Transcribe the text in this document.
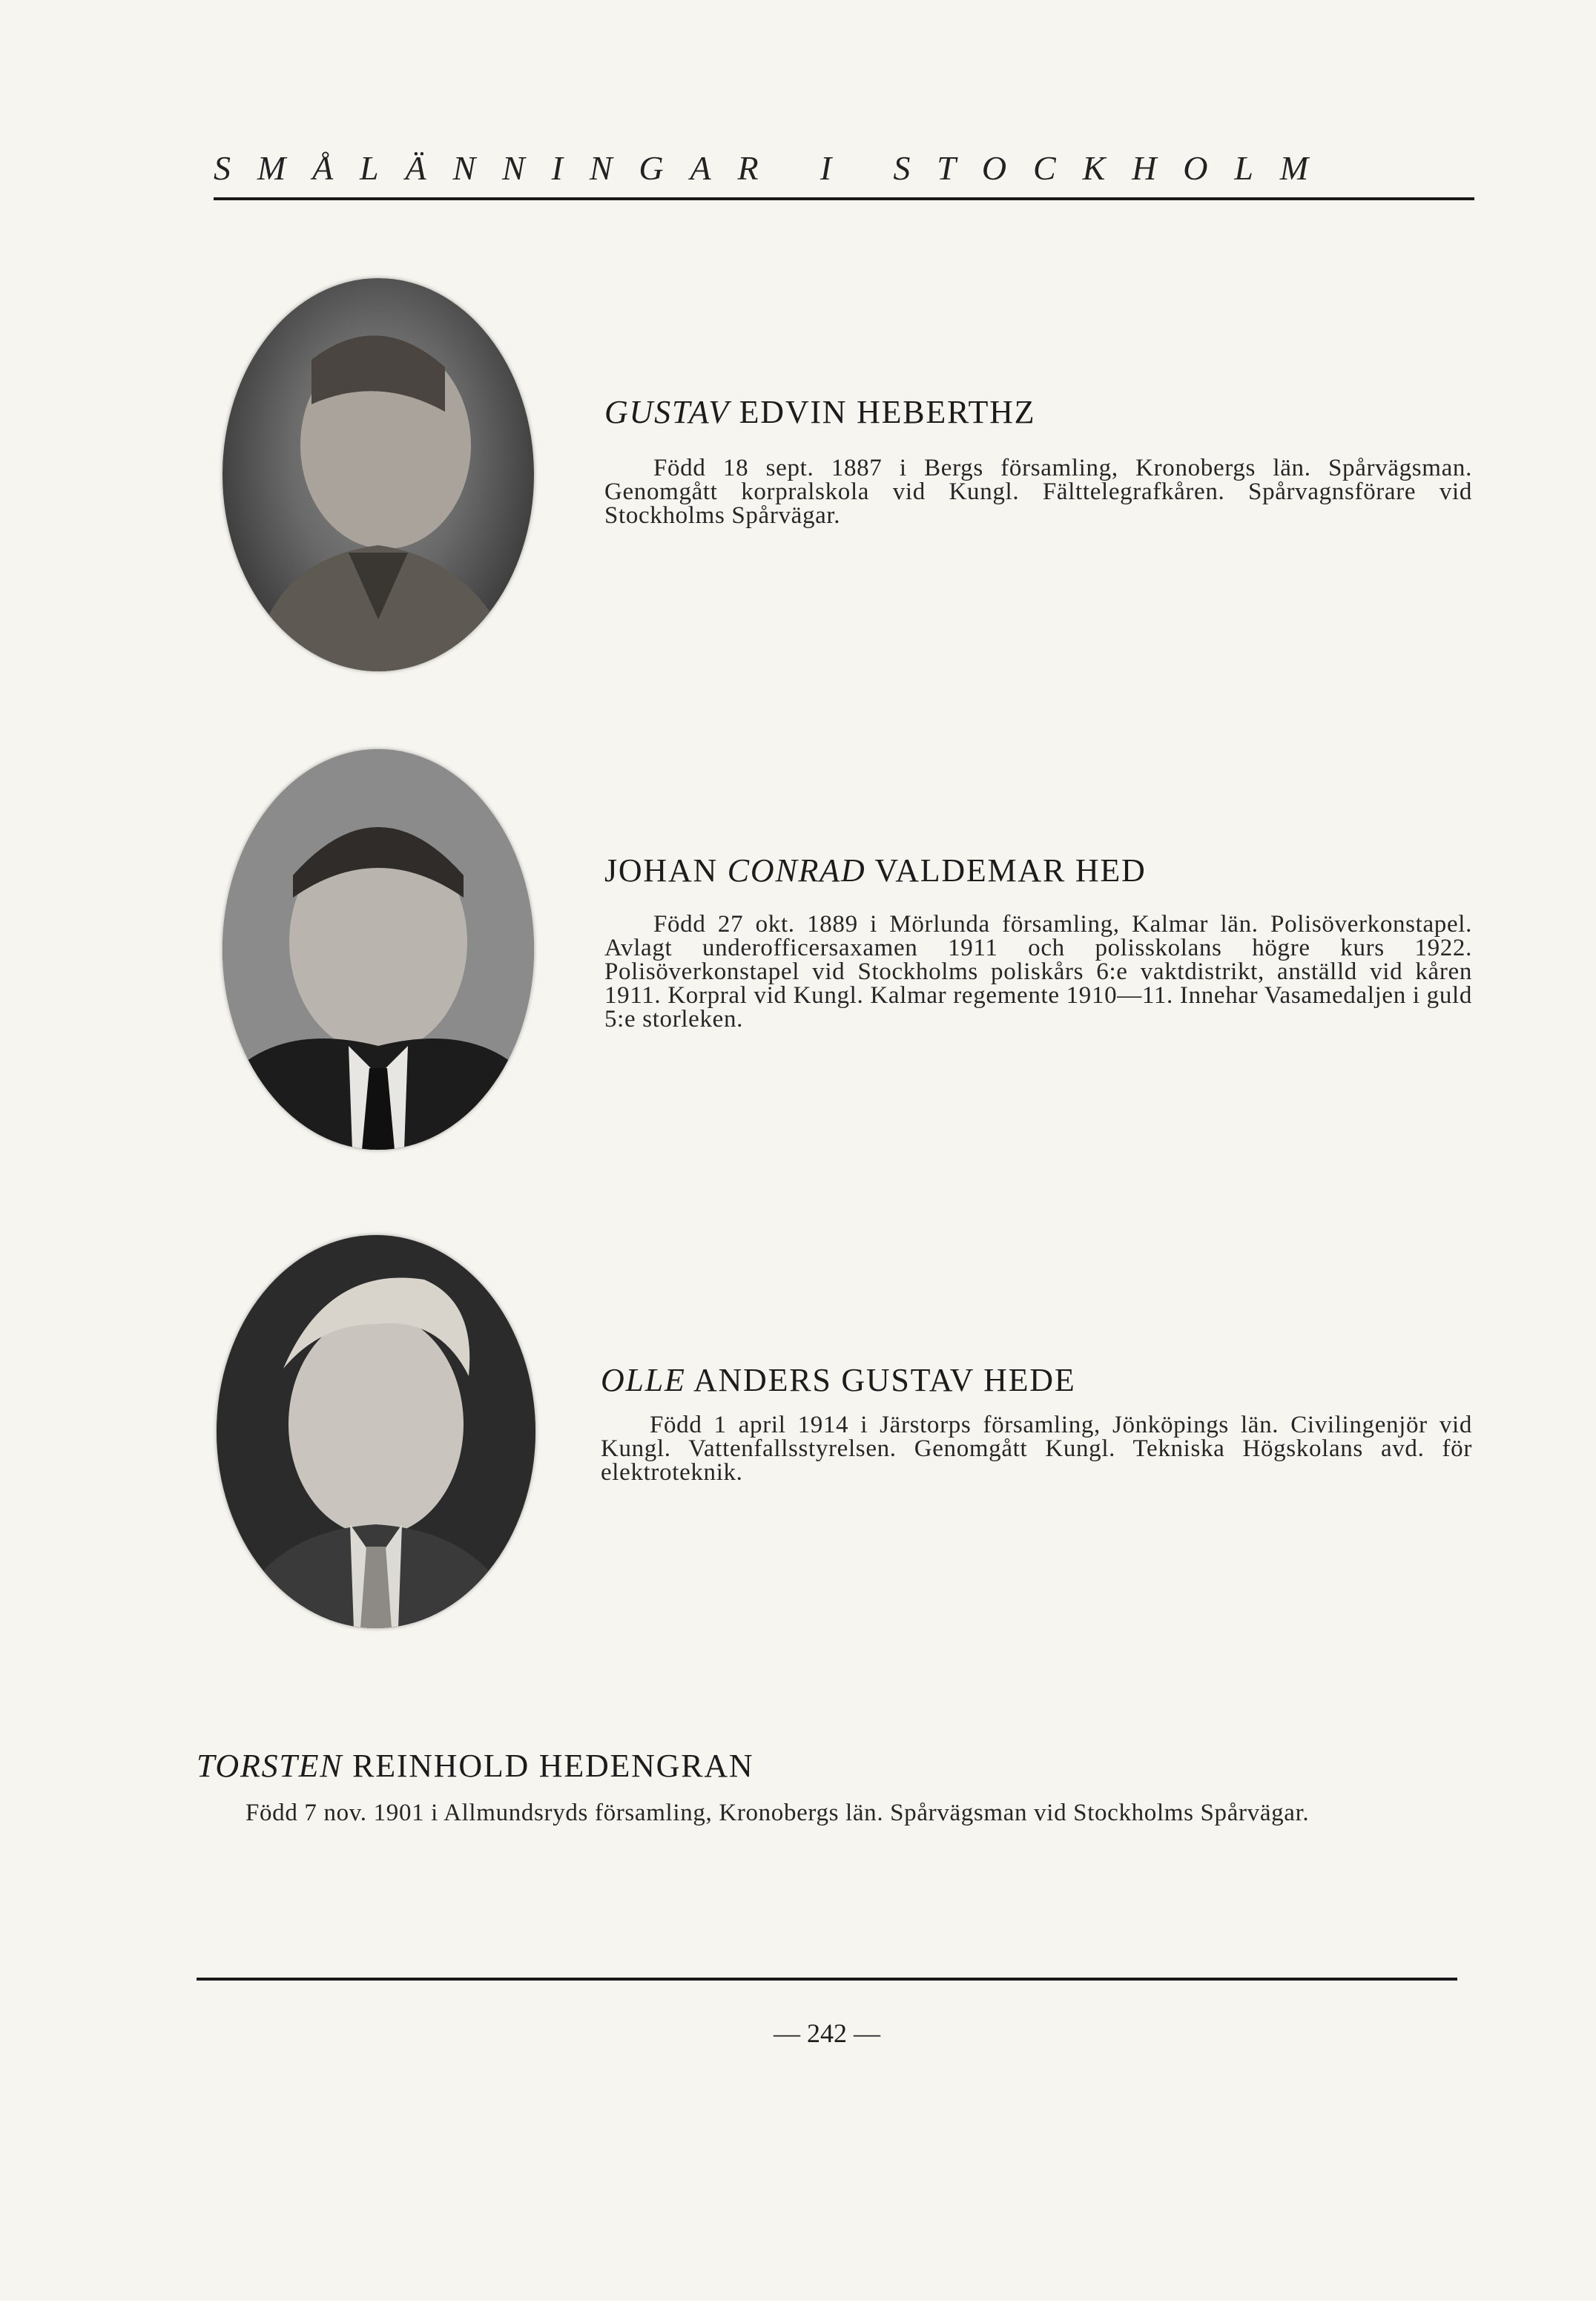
SMÅLÄNNINGAR I STOCKHOLM
GUSTAV EDVIN HEBERTHZ
Född 18 sept. 1887 i Bergs församling, Kronobergs län. Spårvägsman. Genomgått korpralskola vid Kungl. Fälttelegrafkåren. Spårvagnsförare vid Stockholms Spårvägar.
JOHAN CONRAD VALDEMAR HED
Född 27 okt. 1889 i Mörlunda församling, Kalmar län. Polisöverkonstapel. Avlagt underofficersaxamen 1911 och polisskolans högre kurs 1922. Polisöverkonstapel vid Stockholms poliskårs 6:e vaktdistrikt, anställd vid kåren 1911. Korpral vid Kungl. Kalmar regemente 1910—11. Innehar Vasamedaljen i guld 5:e storleken.
OLLE ANDERS GUSTAV HEDE
Född 1 april 1914 i Järstorps församling, Jönköpings län. Civilingenjör vid Kungl. Vattenfallsstyrelsen. Genomgått Kungl. Tekniska Högskolans avd. för elektroteknik.
TORSTEN REINHOLD HEDENGRAN
Född 7 nov. 1901 i Allmundsryds församling, Kronobergs län. Spårvägsman vid Stockholms Spårvägar.
— 242 —
